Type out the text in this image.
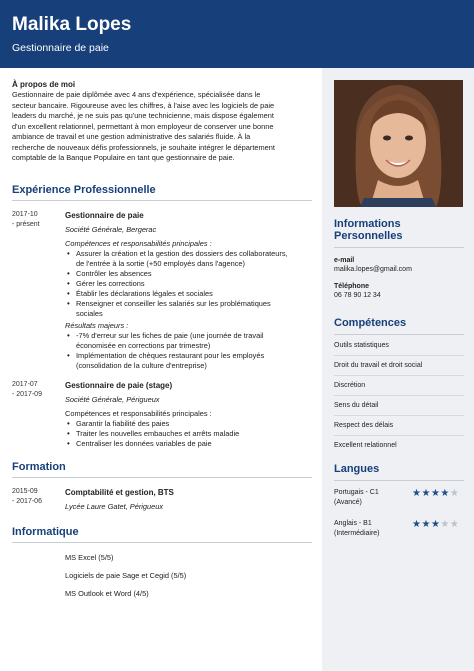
Malika Lopes
Gestionnaire de paie
À propos de moi
Gestionnaire de paie diplômée avec 4 ans d'expérience, spécialisée dans le
secteur bancaire. Rigoureuse avec les chiffres, à l'aise avec les logiciels de paie
leaders du marché, je ne suis pas qu'une technicienne, mais dispose également
d'un excellent relationnel, permettant à mon employeur de conserver une bonne
ambiance de travail et une gestion administrative des salariés fluide. À la
recherche de nouveaux défis professionnels, je souhaite intégrer le département
comptable de la Banque Populaire en tant que gestionnaire de paie.
Expérience Professionnelle
2017-10
- présent
Gestionnaire de paie
Société Générale, Bergerac
Compétences et responsabilités principales :
• Assurer la création et la gestion des dossiers des collaborateurs,
de l'entrée à la sortie (+50 employés dans l'agence)
• Contrôler les absences
• Gérer les corrections
• Établir les déclarations légales et sociales
• Renseigner et conseiller les salariés sur les problématiques
sociales
Résultats majeurs :
• -7% d'erreur sur les fiches de paie (une journée de travail
économisée en corrections par trimestre)
• Implémentation de chèques restaurant pour les employés
(consolidation de la culture d'entreprise)
2017-07
- 2017-09
Gestionnaire de paie (stage)
Société Générale, Périgueux
Compétences et responsabilités principales :
• Garantir la fiabilité des paies
• Traiter les nouvelles embauches et arrêts maladie
• Centraliser les données variables de paie
Formation
2015-09
- 2017-06
Comptabilité et gestion, BTS
Lycée Laure Gatet, Périgueux
Informatique
MS Excel (5/5)
Logiciels de paie Sage et Cegid (5/5)
MS Outlook et Word (4/5)
Informations
Personnelles
e-mail
malika.lopes@gmail.com
Téléphone
06 78 90 12 34
Compétences
Outils statistiques
Droit du travail et droit social
Discrétion
Sens du détail
Respect des délais
Excellent relationnel
Langues
Portugais - C1
(Avancé)
★★★★★
Anglais - B1
(Intermédiaire)
★★★★★
